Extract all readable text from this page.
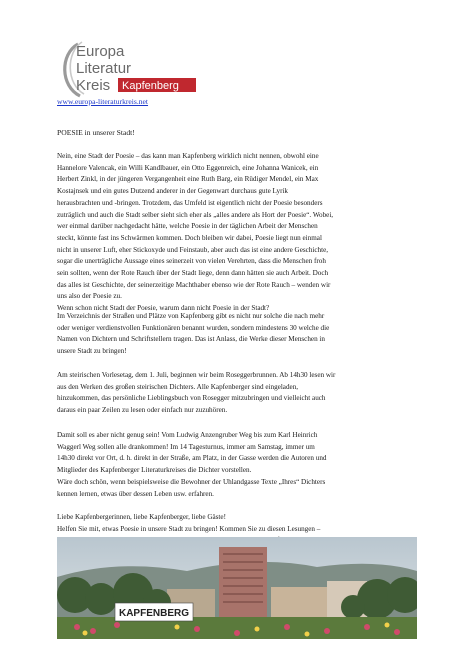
Europa
Literatur
Kreis Kapfenberg
www.europa-literaturkreis.net
POESIE in unserer Stadt!

Nein, eine Stadt der Poesie – das kann man Kapfenberg wirklich nicht nennen, obwohl eine
Hannelore Valencak, ein Willi Kandlbauer, ein Otto Eggenreich, eine Johanna Wanicek, ein
Herbert Zinkl, in der jüngeren Vergangenheit eine Ruth Barg, ein Rüdiger Mendel, ein Max
Kostajnsek und ein gutes Dutzend anderer in der Gegenwart durchaus gute Lyrik
herausbrachten und -bringen. Trotzdem, das Umfeld ist eigentlich nicht der Poesie besonders
zuträglich und auch die Stadt selber sieht sich eher als „alles andere als Hort der Poesie“. Wobei,
wer einmal darüber nachgedacht hätte, welche Poesie in der täglichen Arbeit der Menschen
steckt, könnte fast ins Schwärmen kommen. Doch bleiben wir dabei, Poesie liegt nun einmal
nicht in unserer Luft, eher Stickoxyde und Feinstaub, aber auch das ist eine andere Geschichte,
sogar die unerträgliche Aussage eines seinerzeit von vielen Verehrten, dass die Menschen froh
sein sollten, wenn der Rote Rauch über der Stadt liege, denn dann hätten sie auch Arbeit. Doch
das alles ist Geschichte, der seinerzeitige Machthaber ebenso wie der Rote Rauch – wenden wir
uns also der Poesie zu.
Wenn schon nicht Stadt der Poesie, warum dann nicht Poesie in der Stadt?

Im Verzeichnis der Straßen und Plätze von Kapfenberg gibt es nicht nur solche die nach mehr
oder weniger verdienstvollen Funktionären benannt wurden, sondern mindestens 30 welche die
Namen von Dichtern und Schriftstellern tragen. Das ist Anlass, die Werke dieser Menschen in
unsere Stadt zu bringen!

Am steirischen Vorlesetag, dem 1. Juli, beginnen wir beim Roseggerbrunnen. Ab 14h30 lesen wir
aus den Werken des großen steirischen Dichters. Alle Kapfenberger sind eingeladen,
hinzukommen, das persönliche Lieblingsbuch von Rosegger mitzubringen und vielleicht auch
daraus ein paar Zeilen zu lesen oder einfach nur zuzuhören.

Damit soll es aber nicht genug sein! Vom Ludwig Anzengruber Weg bis zum Karl Heinrich
Waggerl Weg sollen alle drankommen! Im 14 Tagesturnus, immer am Samstag, immer um
14h30 direkt vor Ort, d. h. direkt in der Straße, am Platz, in der Gasse werden die Autoren und
Mitglieder des Kapfenberger Literaturkreises die Dichter vorstellen.

Wäre doch schön, wenn beispielsweise die Bewohner der Uhlandgasse Texte „Ihres“ Dichters
kennen lernen, etwas über dessen Leben usw. erfahren.

Liebe Kapfenbergerinnen, liebe Kapfenberger, liebe Gäste!
Helfen Sie mit, etwas Poesie in unsere Stadt zu bringen! Kommen Sie zu diesen Lesungen –

KAPFENBERG
